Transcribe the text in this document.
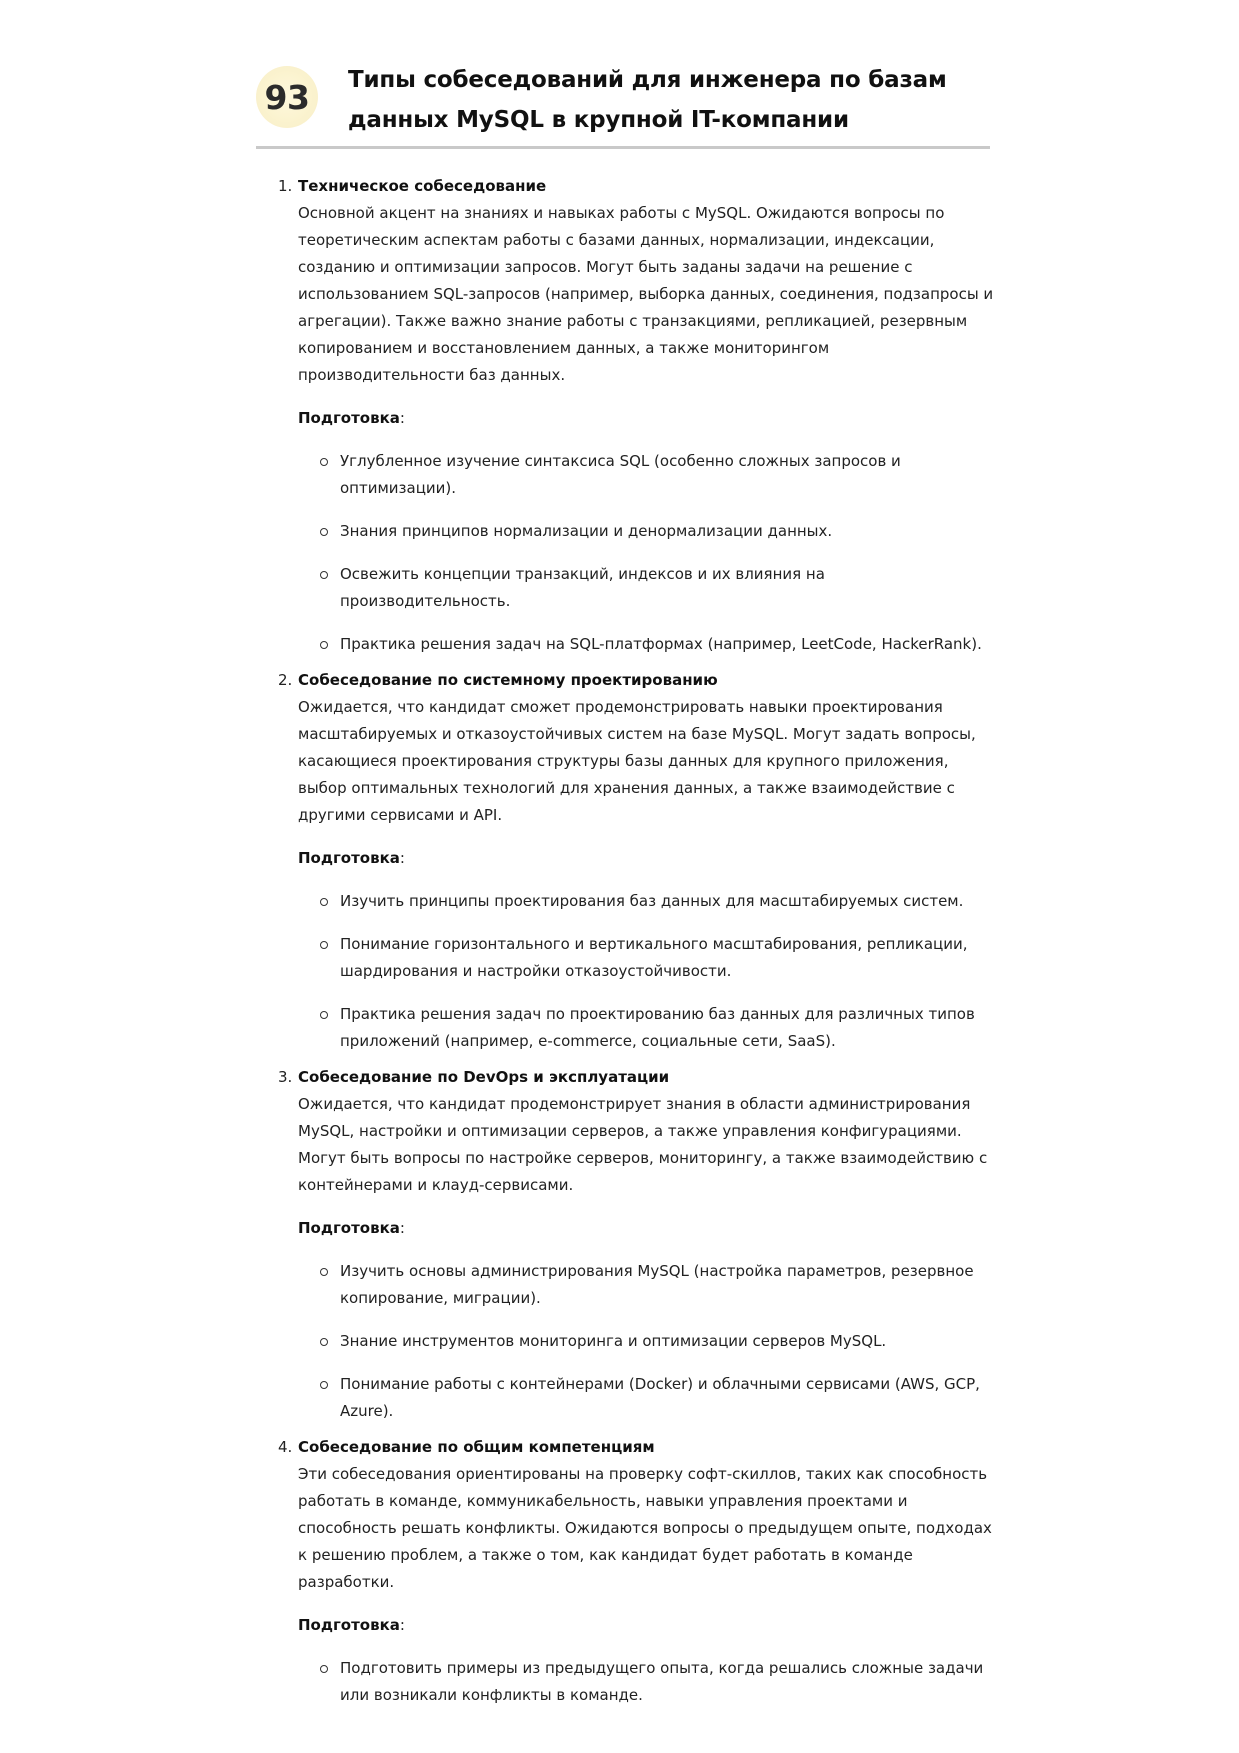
93	Типы собеседований для инженера по базам данных MySQL в крупной IT-компании
1. Техническое собеседование

Основной акцент на знаниях и навыках работы с MySQL. Ожидаются вопросы по теоретическим аспектам работы с базами данных, нормализации, индексации, созданию и оптимизации запросов. Могут быть заданы задачи на решение с использованием SQL-запросов (например, выборка данных, соединения, подзапросы и агрегации). Также важно знание работы с транзакциями, репликацией, резервным копированием и восстановлением данных, а также мониторингом производительности баз данных.

Подготовка:

Углубленное изучение синтаксиса SQL (особенно сложных запросов и оптимизации).
Знания принципов нормализации и денормализации данных.
Освежить концепции транзакций, индексов и их влияния на производительность.
Практика решения задач на SQL-платформах (например, LeetCode, HackerRank).
2. Собеседование по системному проектированию

Ожидается, что кандидат сможет продемонстрировать навыки проектирования масштабируемых и отказоустойчивых систем на базе MySQL. Могут задать вопросы, касающиеся проектирования структуры базы данных для крупного приложения, выбор оптимальных технологий для хранения данных, а также взаимодействие с другими сервисами и API.

Подготовка:

Изучить принципы проектирования баз данных для масштабируемых систем.
Понимание горизонтального и вертикального масштабирования, репликации, шардирования и настройки отказоустойчивости.
Практика решения задач по проектированию баз данных для различных типов приложений (например, e-commerce, социальные сети, SaaS).
3. Собеседование по DevOps и эксплуатации

Ожидается, что кандидат продемонстрирует знания в области администрирования MySQL, настройки и оптимизации серверов, а также управления конфигурациями. Могут быть вопросы по настройке серверов, мониторингу, а также взаимодействию с контейнерами и клауд-сервисами.

Подготовка:

Изучить основы администрирования MySQL (настройка параметров, резервное копирование, миграции).
Знание инструментов мониторинга и оптимизации серверов MySQL.
Понимание работы с контейнерами (Docker) и облачными сервисами (AWS, GCP, Azure).
4. Собеседование по общим компетенциям

Эти собеседования ориентированы на проверку софт-скиллов, таких как способность работать в команде, коммуникабельность, навыки управления проектами и способность решать конфликты. Ожидаются вопросы о предыдущем опыте, подходах к решению проблем, а также о том, как кандидат будет работать в команде разработки.

Подготовка:

Подготовить примеры из предыдущего опыта, когда решались сложные задачи или возникали конфликты в команде.
